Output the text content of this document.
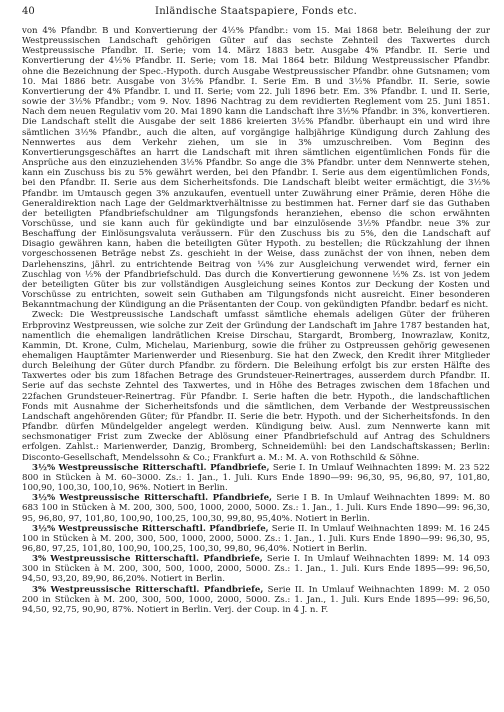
40	Inländische Staatspapiere, Fonds etc.

von 4% Pfandbr. B und Konvertierung der 4½% Pfandbr.: vom 15. Mai 1868 betr. Beleihung der zur Westpreussischen Landschaft gehörigen Güter auf das sechste Zehnteil des Taxwertes durch Westpreussische Pfandbr. II. Serie; vom 14. März 1883 betr. Ausgabe 4% Pfandbr. II. Serie und Konvertierung der 4½% Pfandbr. II. Serie; vom 18. Mai 1864 betr. Bildung Westpreussischer Pfandbr. ohne die Bezeichnung der Spec.-Hypoth. durch Ausgabe Westpreussischer Pfandbr. ohne Gutsnamen; vom 10. Mai 1886 betr. Ausgabe von 3½% Pfandbr. I. Serie Em. B und 3½% Pfandbr. II. Serie, sowie Konvertierung der 4% Pfandbr. I. und II. Serie; vom 22. Juli 1896 betr. Em. 3% Pfandbr. I. und II. Serie, sowie der 3½% Pfandbr.; vom 9. Nov. 1896 Nachtrag zu dem revidierten Reglement vom 25. Juni 1851. Nach dem neuen Regulativ vom 20. Mai 1890 kann die Landschaft ihre 3½% Pfandbr. in 3%, konvertieren. Die Landschaft stellt die Ausgabe der seit 1886 kreierten 3½% Pfandbr. überhaupt ein und wird ihre sämtlichen 3½% Pfandbr., auch die alten, auf vorgängige halbjährige Kündigung durch Zahlung des Nennwertes aus dem Verkehr ziehen, um sie in 3% umzuschreiben. Vom Beginn des Konvertierungsgeschäftes an harrt die Landschaft mit ihren sämtlichen eigentümlichen Fonds für die Ansprüche aus den einzuziehenden 3½% Pfandbr. So ange die 3% Pfandbr. unter dem Nennwerte stehen, kann ein Zuschuss bis zu 5% gewährt werden, bei den Pfandbr. I. Serie aus dem eigentümlichen Fonds, bei den Pfandbr. II. Serie aus dem Sicherheitsfonds. Die Landschaft bleibt weiter ermächtigt, die 3½% Pfandbr. im Umtausch gegen 3% anzukaufen, eventuell unter Zuwährung einer Prämie, deren Höhe die Generaldirektion nach Lage der Geldmarktverhältnisse zu bestimmen hat. Ferner darf sie das Guthaben der beteiligten Pfandbriefschuldner am Tilgungsfonds heranziehen, ebenso die schon erwähnten Vorschüsse, und sie kann auch für gekündigte und bar einzulösende 3½% Pfandbr. neue 3% zur Beschaffung der Einlösungsvaluta veräussern. Für den Zuschuss bis zu 5%, den die Landschaft auf Disagio gewähren kann, haben die beteiligten Güter Hypoth. zu bestellen; die Rückzahlung der ihnen vorgeschossenen Beträge nebst Zs. geschieht in der Weise, dass zunächst der von ihnen, neben dem Darlehenszins, jährl. zu entrichtende Beitrag von ¼% zur Ausgleichung verwendet wird, ferner ein Zuschlag von ½% der Pfandbriefschuld. Das durch die Konvertierung gewonnene ½% Zs. ist von jedem der beteiligten Güter bis zur vollständigen Ausgleichung seines Kontos zur Deckung der Kosten und Vorschüsse zu entrichten, soweit sein Guthaben am Tilgungsfonds nicht ausreicht. Einer besonderen Bekanntmachung der Kündigung an die Präsentanten der Coup. von gekündigten Pfandbr. bedarf es nicht.

Zweck: Die Westpreussische Landschaft umfasst sämtliche ehemals adeligen Güter der früheren Erbprovinz Westpreussen, wie solche zur Zeit der Gründung der Landschaft im Jahre 1787 bestanden hat, namentlich die ehemaligen landrätlichen Kreise Dirschau, Stargardt, Bromberg, Inowrazlaw, Konitz, Kammin, Dt. Krone, Culm, Michelau, Marienburg, sowie die früher zu Ostpreussen gehörig gewesenen ehemaligen Hauptämter Marienwerder und Riesenburg. Sie hat den Zweck, den Kredit ihrer Mitglieder durch Beleihung der Güter durch Pfandbr. zu fördern. Die Beleihung erfolgt bis zur ersten Hälfte des Taxwertes oder bis zum 18fachen Betrage des Grundsteuer-Reinertrages, ausserdem durch Pfandbr. II. Serie auf das sechste Zehntel des Taxwertes, und in Höhe des Betrages zwischen dem 18fachen und 22fachen Grundsteuer-Reinertrag. Für Pfandbr. I. Serie haften die betr. Hypoth., die landschaftlichen Fonds mit Ausnahme der Sicherheitsfonds und die sämtlichen, dem Verbande der Westpreussischen Landschaft angehörenden Güter; für Pfandbr. II. Serie die betr. Hypoth. und der Sicherheitsfonds. In den Pfandbr. dürfen Mündelgelder angelegt werden. Kündigung beiw. Ausl. zum Nennwerte kann mit sechsmonatiger Frist zum Zwecke der Ablösung einer Pfandbriefschuld auf Antrag des Schuldners erfolgen. Zahlst.: Marienwerder, Danzig, Bromberg, Schneidemühl: bei den Landschaftskassen; Berlin: Disconto-Gesellschaft, Mendelssohn & Co.; Frankfurt a. M.: M. A. von Rothschild & Söhne.

3½% Westpreussische Ritterschaftl. Pfandbriefe, Serie I. In Umlauf Weihnachten 1899: M. 23 522 800 in Stücken à M. 60–3000. Zs.: 1. Jan., 1. Juli. Kurs Ende 1890—99: 96,30, 95, 96,80, 97, 101,80, 100,90, 100,30, 100,10, 96%. Notiert in Berlin.

3½% Westpreussische Ritterschaftl. Pfandbriefe, Serie I B. In Umlauf Weihnachten 1899: M. 80 683 100 in Stücken à M. 200, 300, 500, 1000, 2000, 5000. Zs.: 1. Jan., 1. Juli. Kurs Ende 1890—99: 96,30, 95, 96,80, 97, 101,80, 100,90, 100,25, 100,30, 99,80, 95,40%. Notiert in Berlin.

3½% Westpreussische Ritterschaftl. Pfandbriefe, Serie II. In Umlauf Weihnachten 1899: M. 16 245 100 in Stücken à M. 200, 300, 500, 1000, 2000, 5000. Zs.: 1. Jan., 1. Juli. Kurs Ende 1890—99: 96,30, 95, 96,80, 97,25, 101,80, 100,90, 100,25, 100,30, 99,80, 96,40%. Notiert in Berlin.

3% Westpreussische Ritterschaftl. Pfandbriefe, Serie I. In Umlauf Weihnachten 1899: M. 14 093 300 in Stücken à M. 200, 300, 500, 1000, 2000, 5000. Zs.: 1. Jan., 1. Juli. Kurs Ende 1895—99: 96,50, 94,50, 93,20, 89,90, 86,20%. Notiert in Berlin.

3% Westpreussische Ritterschaftl. Pfandbriefe, Serie II. In Umlauf Weihnachten 1899: M. 2 050 200 in Stücken à M. 200, 300, 500, 1000, 2000, 5000. Zs.: 1. Jan., 1. Juli. Kurs Ende 1895—99: 96,50, 94,50, 92,75, 90,90, 87%. Notiert in Berlin. Verj. der Coup. in 4 J. n. F.
